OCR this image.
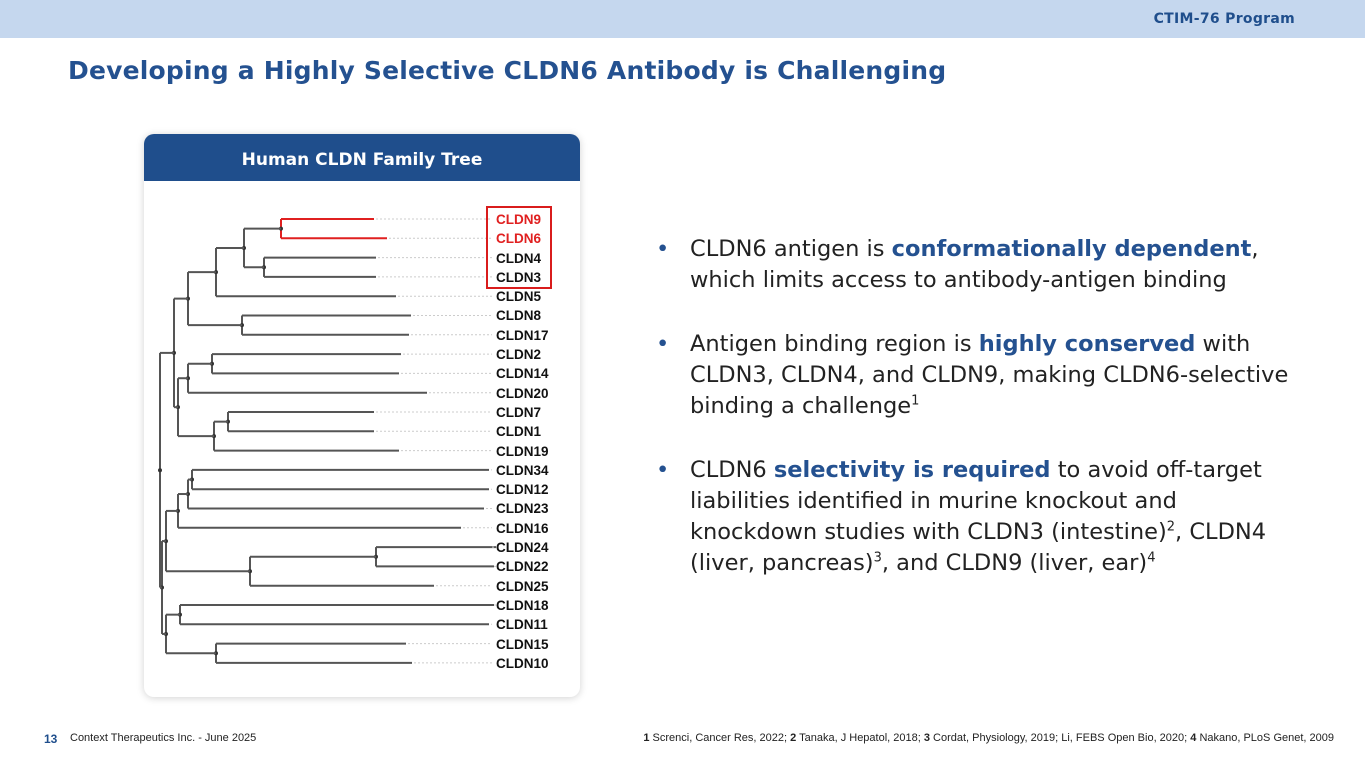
CTIM-76 Program
Developing a Highly Selective CLDN6 Antibody is Challenging
Human CLDN Family Tree
CLDN9
CLDN6
CLDN4
CLDN3
CLDN5
CLDN8
CLDN17
CLDN2
CLDN14
CLDN20
CLDN7
CLDN1
CLDN19
CLDN34
CLDN12
CLDN23
CLDN16
CLDN24
CLDN22
CLDN25
CLDN18
CLDN11
CLDN15
CLDN10
• CLDN6 antigen is conformationally dependent, which limits access to antibody-antigen binding
• Antigen binding region is highly conserved with CLDN3, CLDN4, and CLDN9, making CLDN6-selective binding a challenge$^1$
• CLDN6 selectivity is required to avoid off-target liabilities identified in murine knockout and knockdown studies with CLDN3 (intestine)$^2$, CLDN4 (liver, pancreas)$^3$, and CLDN9 (liver, ear)$^4$
13 Context Therapeutics Inc. - June 2025	1 Screnci, Cancer Res, 2022; 2 Tanaka, J Hepatol, 2018; 3 Cordat, Physiology, 2019; Li, FEBS Open Bio, 2020; 4 Nakano, PLoS Genet, 2009
